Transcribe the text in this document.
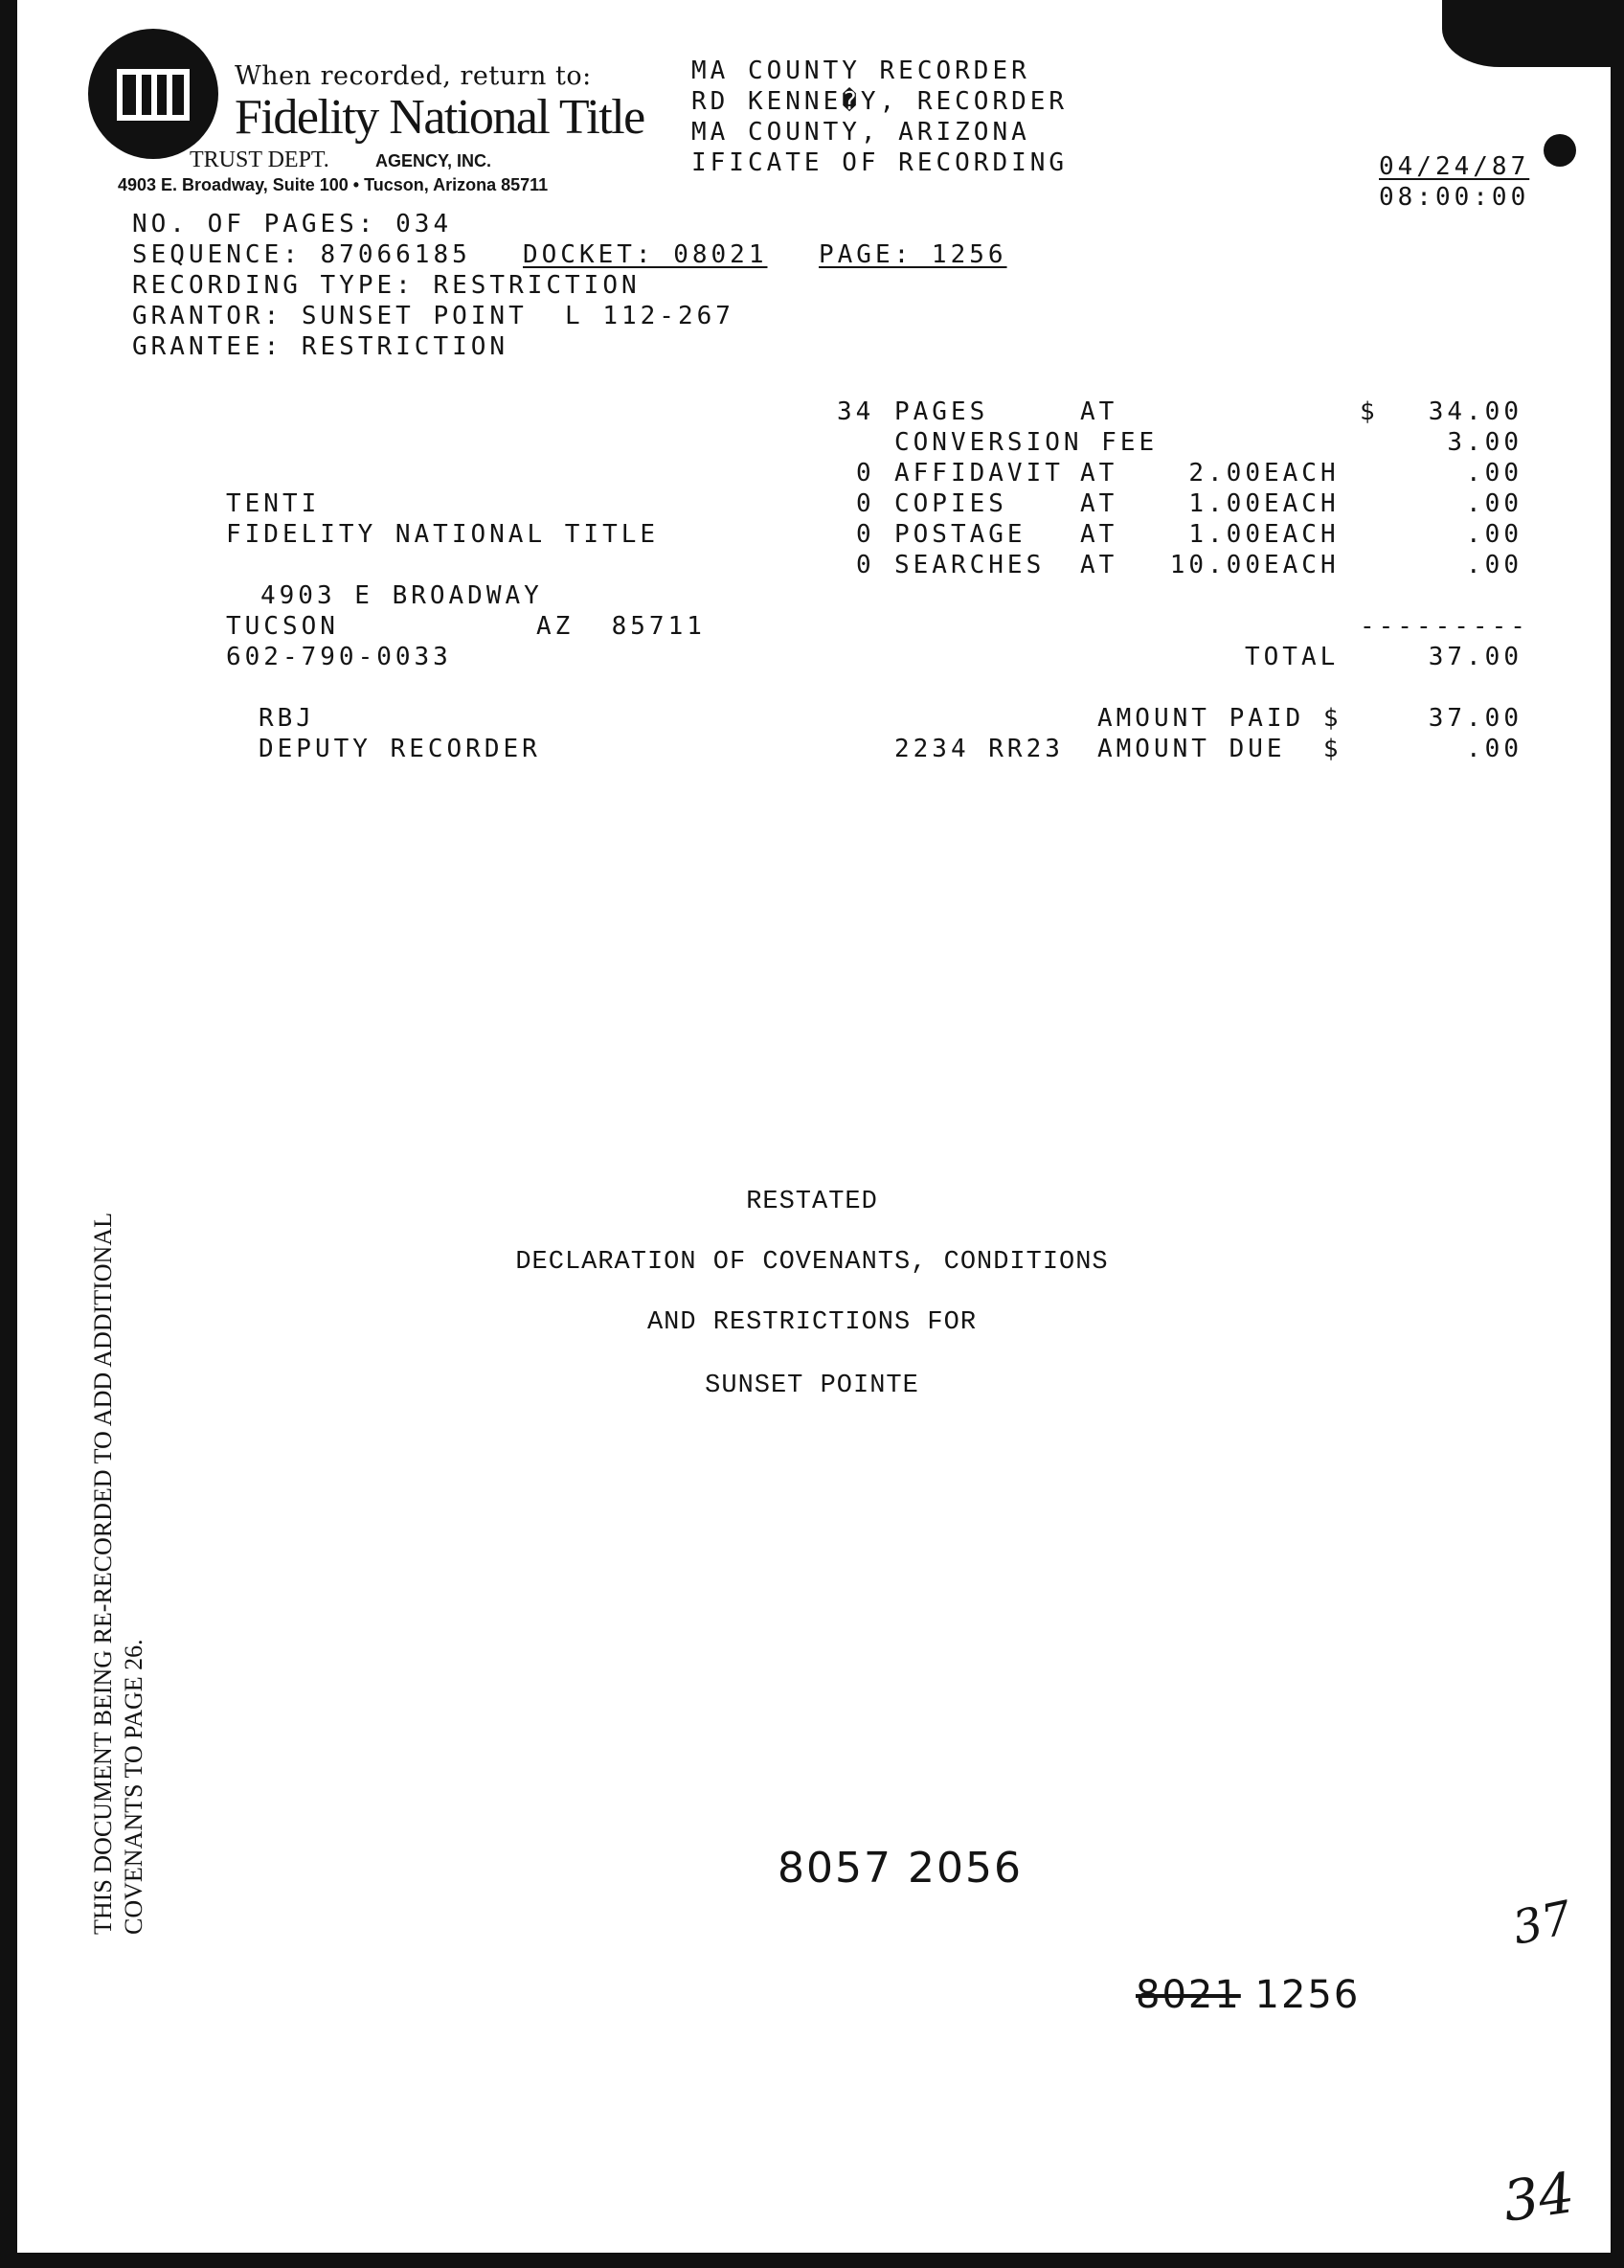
When recorded, return to:
Fidelity National Title
TRUST DEPT.	AGENCY, INC.
4903 E. Broadway, Suite 100 • Tucson, Arizona 85711
MA COUNTY RECORDER
RD KENNE�Y, RECORDER
MA COUNTY, ARIZONA
IFICATE OF RECORDING	04/24/87
08:00:00
NO. OF PAGES: 034
SEQUENCE: 87066185 DOCKET: 08021 PAGE: 1256
RECORDING TYPE: RESTRICTION
GRANTOR: SUNSET POINT  L 112-267
GRANTEE: RESTRICTION
34 PAGES	AT	$	34.00
CONVERSION FEE	3.00
0 AFFIDAVIT AT	2.00 EACH	.00
0 COPIES	AT	1.00 EACH	.00
0 POSTAGE AT	1.00 EACH	.00
0 SEARCHES AT	10.00 EACH	.00
---------
TOTAL	37.00
AMOUNT PAID $	37.00
2234 RR23 AMOUNT DUE  $	.00
TENTI
FIDELITY NATIONAL TITLE
4903 E BROADWAY
TUCSON	AZ  85711
602-790-0033
RBJ
DEPUTY RECORDER
RESTATED
DECLARATION OF COVENANTS, CONDITIONS
AND RESTRICTIONS FOR
SUNSET POINTE
THIS DOCUMENT BEING RE-RECORDED TO ADD ADDITIONAL COVENANTS TO PAGE 26.	8057 2056
8021 1256
37
34
